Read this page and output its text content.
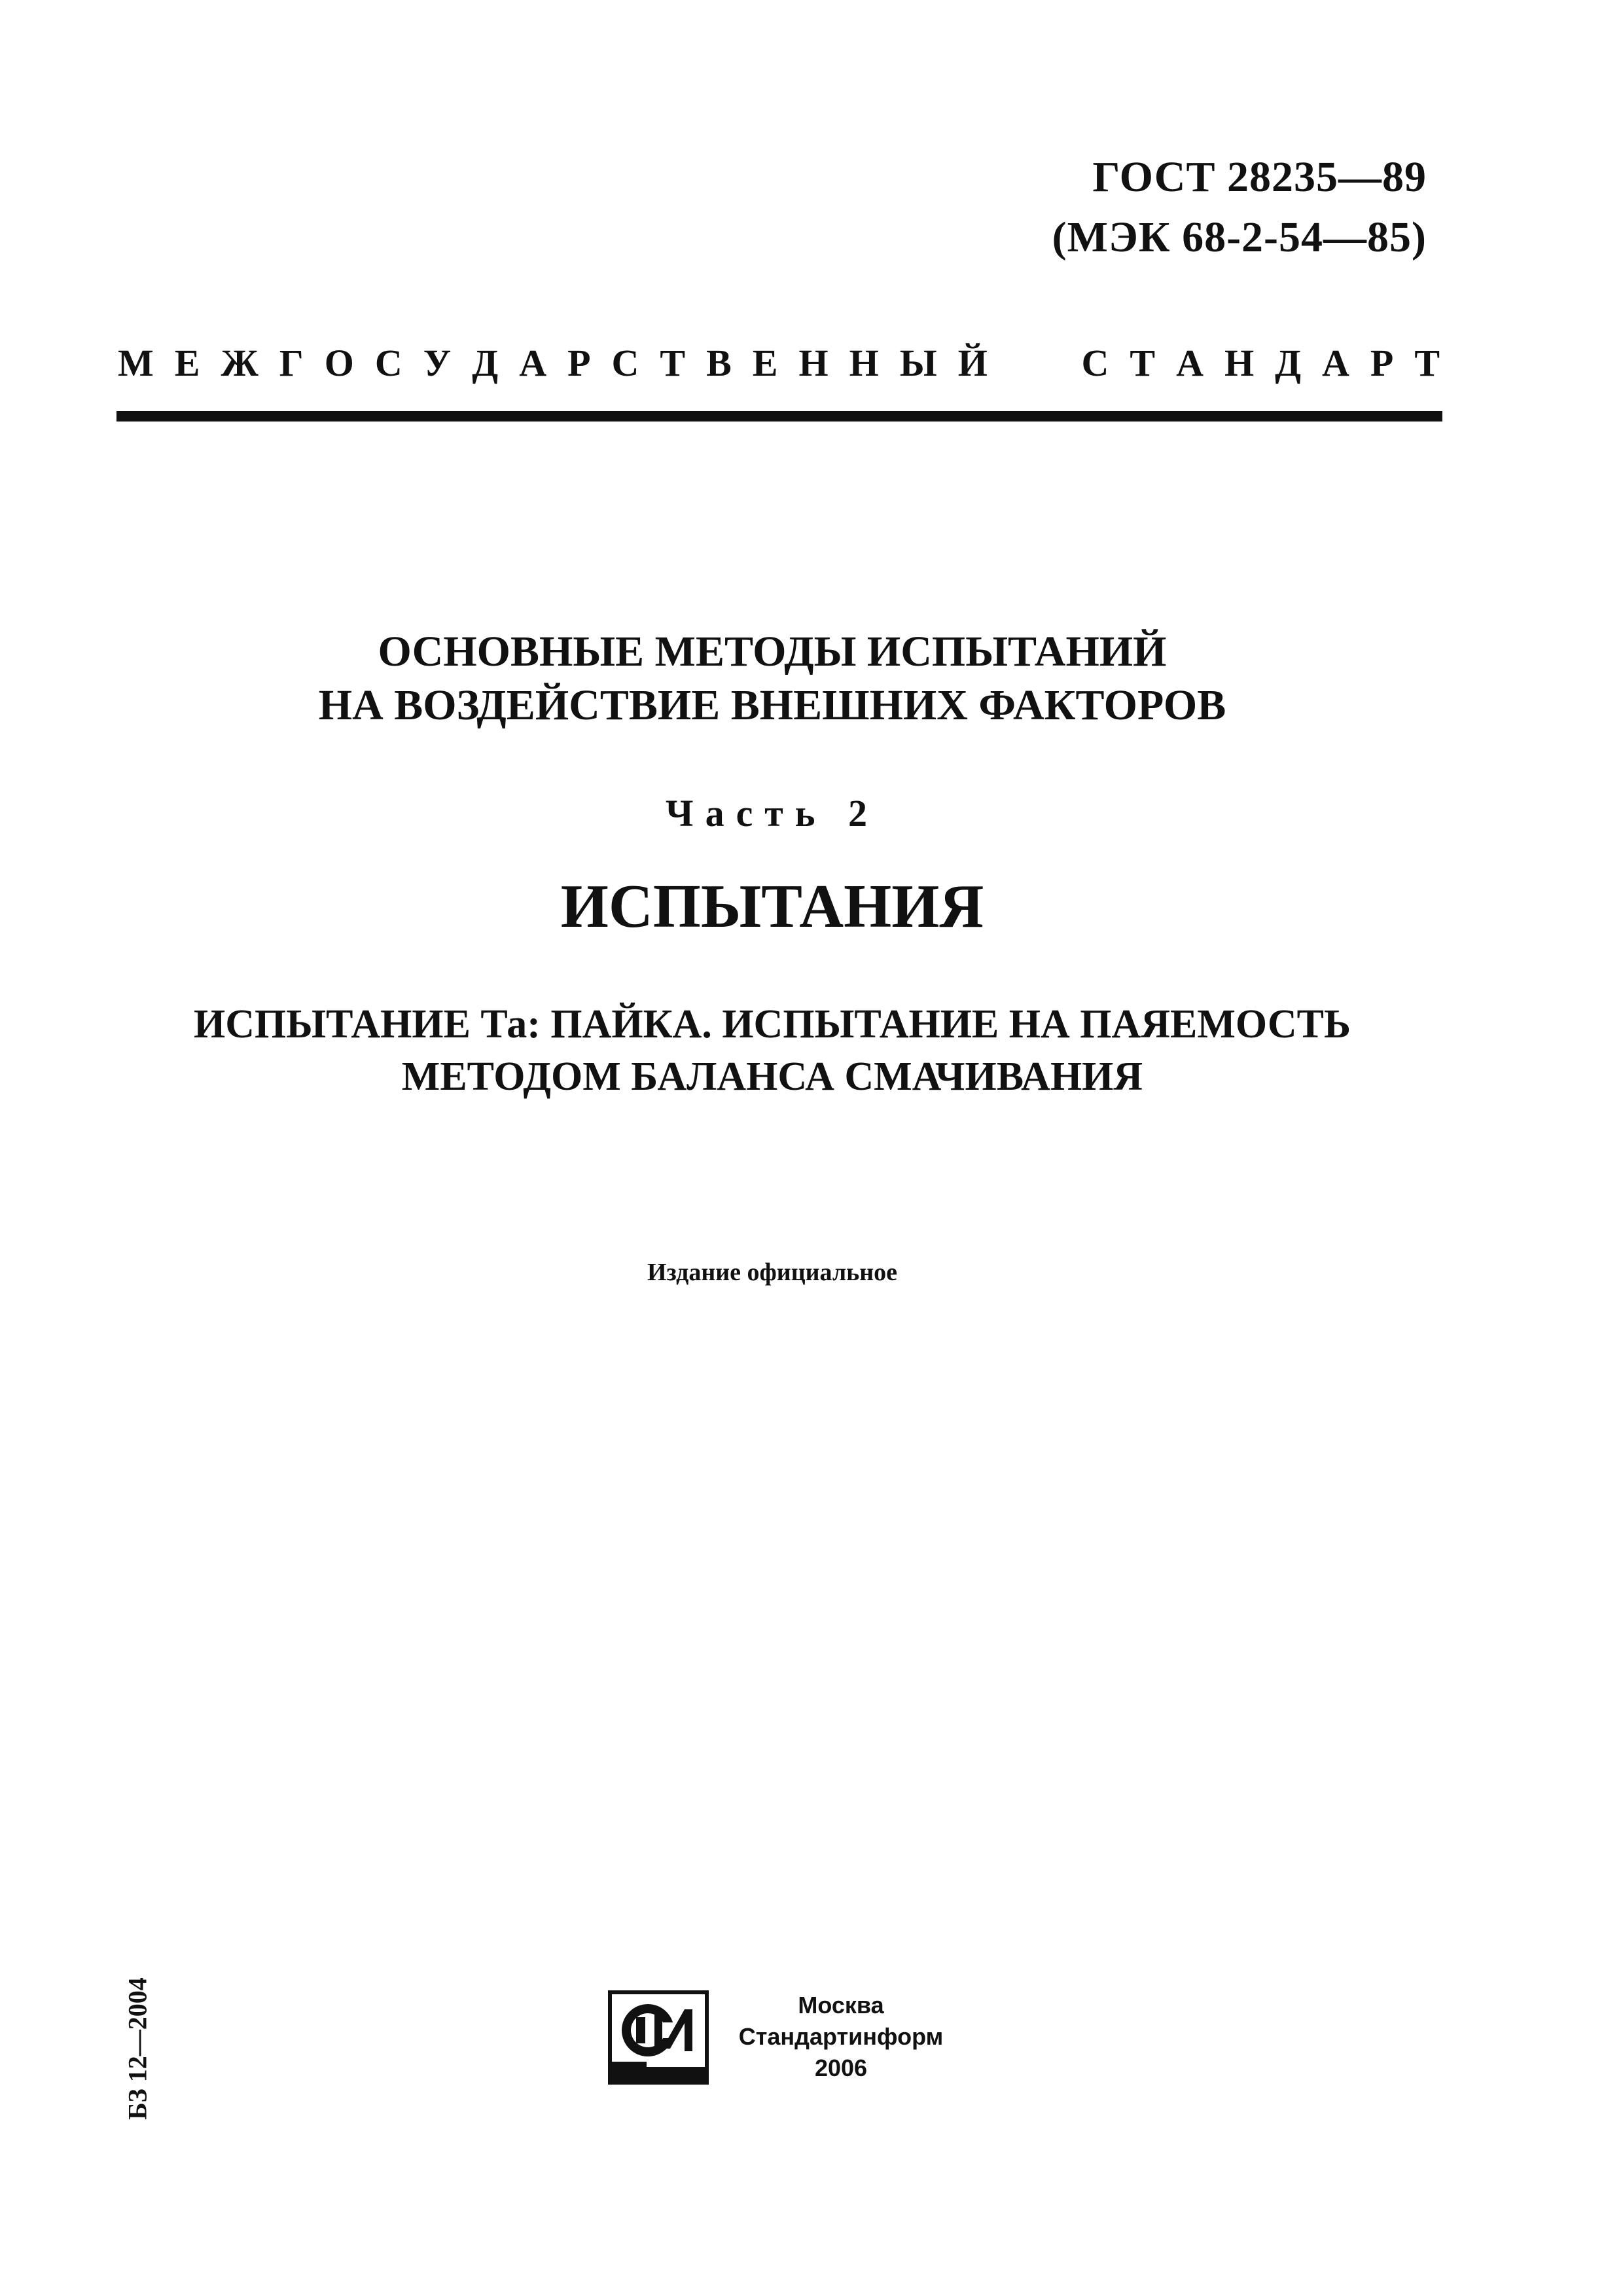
ГОСТ 28235—89
(МЭК 68-2-54—85)
М Е Ж Г О С У Д А Р С Т В Е Н Н Ы Й С Т А Н Д А Р Т
ОСНОВНЫЕ МЕТОДЫ ИСПЫТАНИЙ
НА ВОЗДЕЙСТВИЕ ВНЕШНИХ ФАКТОРОВ
Часть 2
ИСПЫТАНИЯ
ИСПЫТАНИЕ Та: ПАЙКА. ИСПЫТАНИЕ НА ПАЯЕМОСТЬ
МЕТОДОМ БАЛАНСА СМАЧИВАНИЯ
Издание официальное
БЗ 12—2004	Москва
Стандартинформ
2006
